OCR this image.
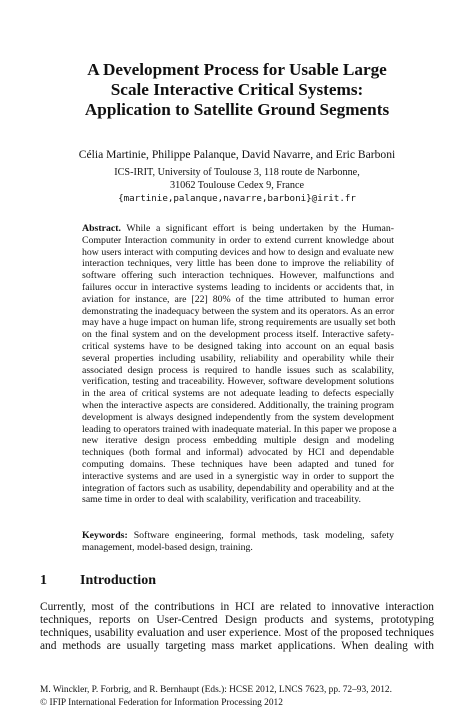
A Development Process for Usable Large
Scale Interactive Critical Systems:
Application to Satellite Ground Segments
Célia Martinie, Philippe Palanque, David Navarre, and Eric Barboni
ICS-IRIT, University of Toulouse 3, 118 route de Narbonne,
31062 Toulouse Cedex 9, France
{martinie,palanque,navarre,barboni}@irit.fr
Abstract. While a significant effort is being undertaken by the Human-
Computer Interaction community in order to extend current knowledge about
how users interact with computing devices and how to design and evaluate new
interaction techniques, very little has been done to improve the reliability of
software offering such interaction techniques. However, malfunctions and
failures occur in interactive systems leading to incidents or accidents that, in
aviation for instance, are [22] 80% of the time attributed to human error
demonstrating the inadequacy between the system and its operators. As an error
may have a huge impact on human life, strong requirements are usually set both
on the final system and on the development process itself. Interactive safety-
critical systems have to be designed taking into account on an equal basis
several properties including usability, reliability and operability while their
associated design process is required to handle issues such as scalability,
verification, testing and traceability. However, software development solutions
in the area of critical systems are not adequate leading to defects especially
when the interactive aspects are considered. Additionally, the training program
development is always designed independently from the system development
leading to operators trained with inadequate material. In this paper we propose a
new iterative design process embedding multiple design and modeling
techniques (both formal and informal) advocated by HCI and dependable
computing domains. These techniques have been adapted and tuned for
interactive systems and are used in a synergistic way in order to support the
integration of factors such as usability, dependability and operability and at the
same time in order to deal with scalability, verification and traceability.
Keywords: Software engineering, formal methods, task modeling, safety
management, model-based design, training.
1 Introduction
Currently, most of the contributions in HCI are related to innovative interaction
techniques, reports on User-Centred Design products and systems, prototyping
techniques, usability evaluation and user experience. Most of the proposed techniques
and methods are usually targeting mass market applications. When dealing with
M. Winckler, P. Forbrig, and R. Bernhaupt (Eds.): HCSE 2012, LNCS 7623, pp. 72–93, 2012.
© IFIP International Federation for Information Processing 2012
